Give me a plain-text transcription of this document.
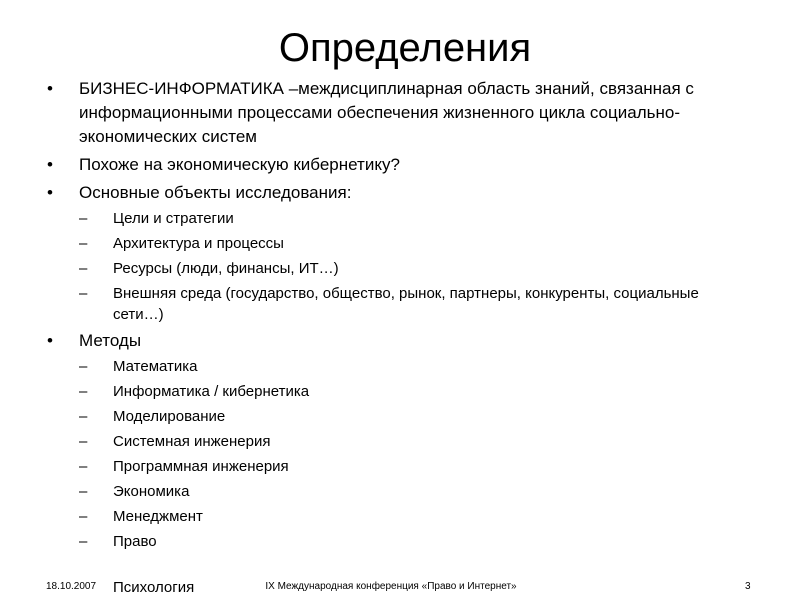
Определения
• БИЗНЕС-ИНФОРМАТИКА –междисциплинарная область знаний, связанная с информационными процессами обеспечения жизненного цикла социально-экономических систем
• Похоже на экономическую кибернетику?
• Основные объекты исследования:
– Цели и стратегии
– Архитектура и процессы
– Ресурсы (люди, финансы, ИТ…)
– Внешняя среда (государство, общество, рынок, партнеры, конкуренты, социальные сети…)
• Методы
– Математика
– Информатика / кибернетика
– Моделирование
– Системная инженерия
– Программная инженерия
– Экономика
– Менеджмент
– Право
18.10.2007	IX Международная конференция «Право и Интернет»	3
Психология
